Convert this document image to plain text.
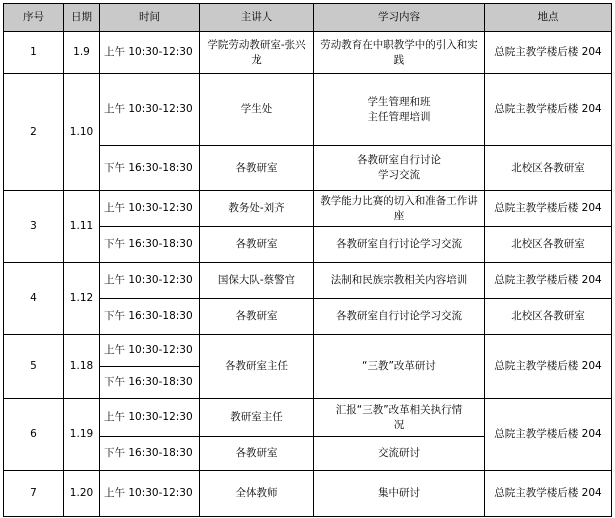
序号	日期	时间	主讲人	学习内容	地点
1	1.9	上午 10:30-12:30	学院劳动教研室-张兴龙	劳动教育在中职教学中的引入和实践	总院主教学楼后楼 204
2	1.10	上午 10:30-12:30	学生处	学生管理和班主任管理培训	总院主教学楼后楼 204
		下午 16:30-18:30	各教研室	各教研室自行讨论学习交流	北校区各教研室
3	1.11	上午 10:30-12:30	教务处-刘齐	教学能力比赛的切入和准备工作讲座	总院主教学楼后楼 204
		下午 16:30-18:30	各教研室	各教研室自行讨论学习交流	北校区各教研室
4	1.12	上午 10:30-12:30	国保大队-蔡警官	法制和民族宗教相关内容培训	总院主教学楼后楼 204
		下午 16:30-18:30	各教研室	各教研室自行讨论学习交流	北校区各教研室
5	1.18	上午 10:30-12:30	各教研室主任	“三教”改革研讨	总院主教学楼后楼 204
		下午 16:30-18:30			
6	1.19	上午 10:30-12:30	教研室主任	汇报“三教”改革相关执行情况	总院主教学楼后楼 204
		下午 16:30-18:30	各教研室	交流研讨	
7	1.20	上午 10:30-12:30	全体教师	集中研讨	总院主教学楼后楼 204
